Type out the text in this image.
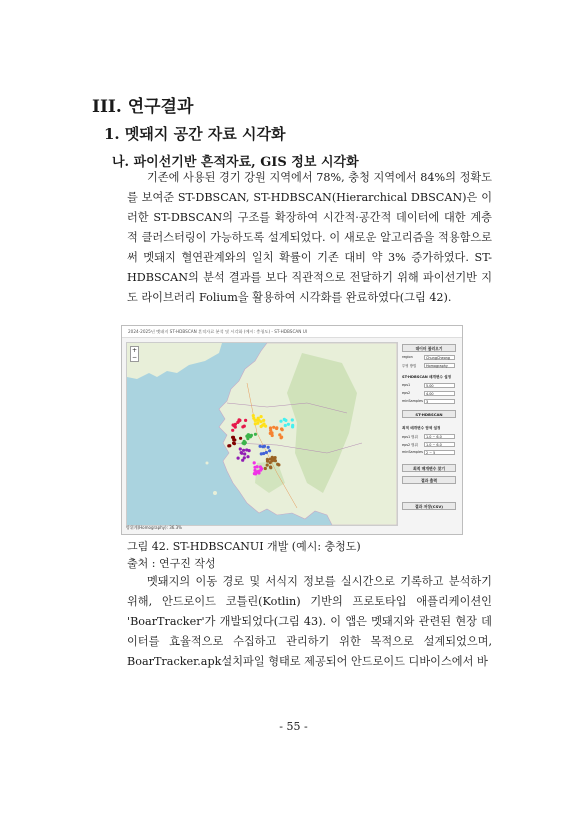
III. 연구결과
1. 멧돼지 공간 자료 시각화
나. 파이선기반 흔적자료, GIS 정보 시각화
기존에 사용된 경기 강원 지역에서 78%, 충청 지역에서 84%의 정확도를 보여준 ST-DBSCAN, ST-HDBSCAN(Hierarchical DBSCAN)은 이러한 ST-DBSCAN의 구조를 확장하여 시간적·공간적 데이터에 대한 계층적 클러스터링이 가능하도록 설계되었다. 이 새로운 알고리즘을 적용함으로써 멧돼지 혈연관계와의 일치 확률이 기존 대비 약 3% 증가하였다. ST-HDBSCAN의 분석 결과를 보다 직관적으로 전달하기 위해 파이선기반 지도 라이브러리 Folium을 활용하여 시각화를 완료하였다(그림 42).
2024-2025년 멧돼지 ST-HDBSCAN 흔적자료 분석 및 시각화 (예시: 충청도) - ST-HDBSCAN UI
+
−
방위계(Homography): 36.3%
데이터 불러오기
region	ChungCheong
투영 방법	Homography
ST-HDBSCAN 매개변수 설정
eps1	5.00
eps2	4.00
minSamples 3
ST-HDBSCAN
최적 매개변수 탐색 설정
eps1 범위	1.0 ~ 6.0
eps2 범위	1.0 ~ 6.0
minSamples 2 ~ 5
최적 매개변수 찾기
결과 출력
결과 저장(CSV)
그림 42. ST-HDBSCANUI 개발 (예시: 충청도)
출처 : 연구진 작성
멧돼지의 이동 경로 및 서식지 정보를 실시간으로 기록하고 분석하기 위해, 안드로이드 코틀린(Kotlin) 기반의 프로토타입 애플리케이션인 'BoarTracker'가 개발되었다(그림 43). 이 앱은 멧돼지와 관련된 현장 데이터를 효율적으로 수집하고 관리하기 위한 목적으로 설계되었으며, BoarTracker.apk설치파일 형태로 제공되어 안드로이드 디바이스에서 바
- 55 -
